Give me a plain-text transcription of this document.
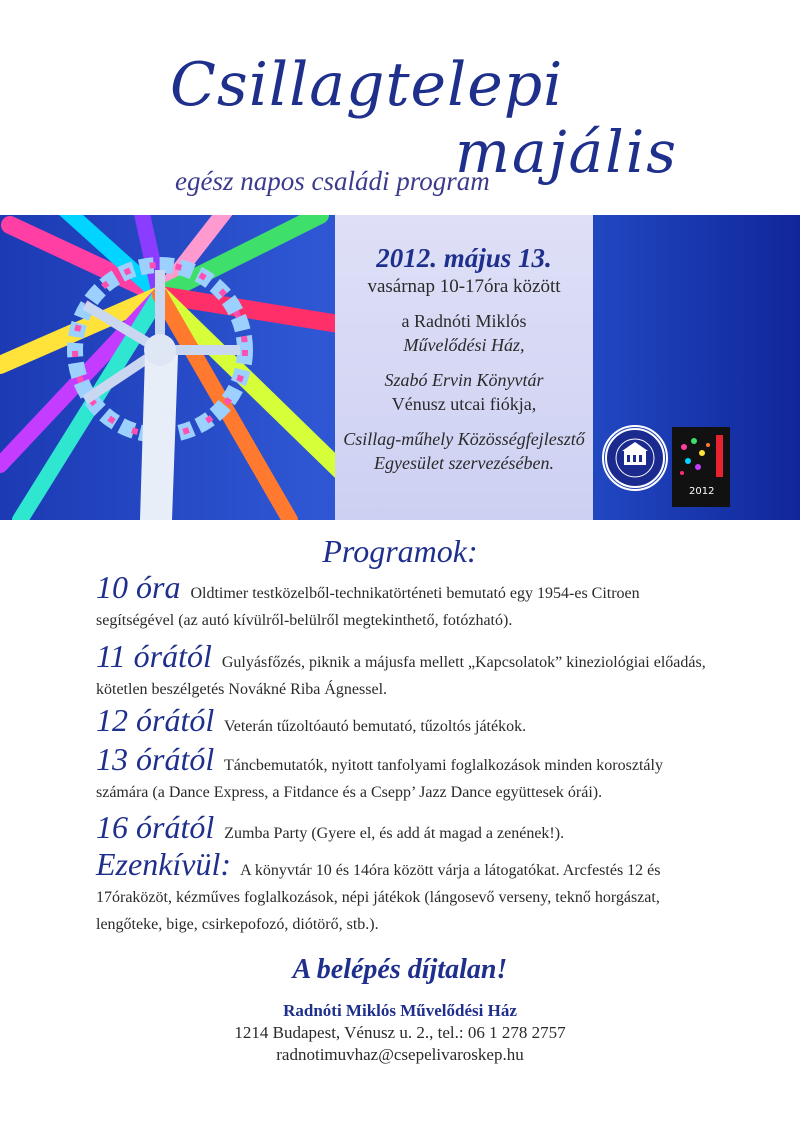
Csillagtelepi
majális
egész napos családi program
2012. május 13.
vasárnap 10-17óra között
a Radnóti Miklós
Művelődési Ház,
Szabó Ervin Könyvtár
Vénusz utcai fiókja,
Csillag-műhely Közösségfejlesztő
Egyesület szervezésében.
2012
Programok:
10 óra Oldtimer testközelből-technikatörténeti bemutató egy 1954-es Citroen segítségével (az autó kívülről-belülről megtekinthető, fotózható).
11 órától Gulyásfőzés, piknik a májusfa mellett „Kapcsolatok” kineziológiai előadás, kötetlen beszélgetés Novákné Riba Ágnessel.
12 órától Veterán tűzoltóautó bemutató, tűzoltós játékok.
13 órától Táncbemutatók, nyitott tanfolyami foglalkozások minden korosztály számára (a Dance Express, a Fitdance és a Csepp’ Jazz Dance együttesek órái).
16 órától Zumba Party (Gyere el, és add át magad a zenének!).
Ezenkívül: A könyvtár 10 és 14óra között várja a látogatókat. Arcfestés 12 és 17óraközöt, kézműves foglalkozások, népi játékok (lángosevő verseny, teknő horgászat, lengőteke, bige, csirkepofozó, diótörő, stb.).
A belépés díjtalan!
Radnóti Miklós Művelődési Ház
1214 Budapest, Vénusz u. 2., tel.: 06 1 278 2757
radnotimuvhaz@csepelivaroskep.hu
